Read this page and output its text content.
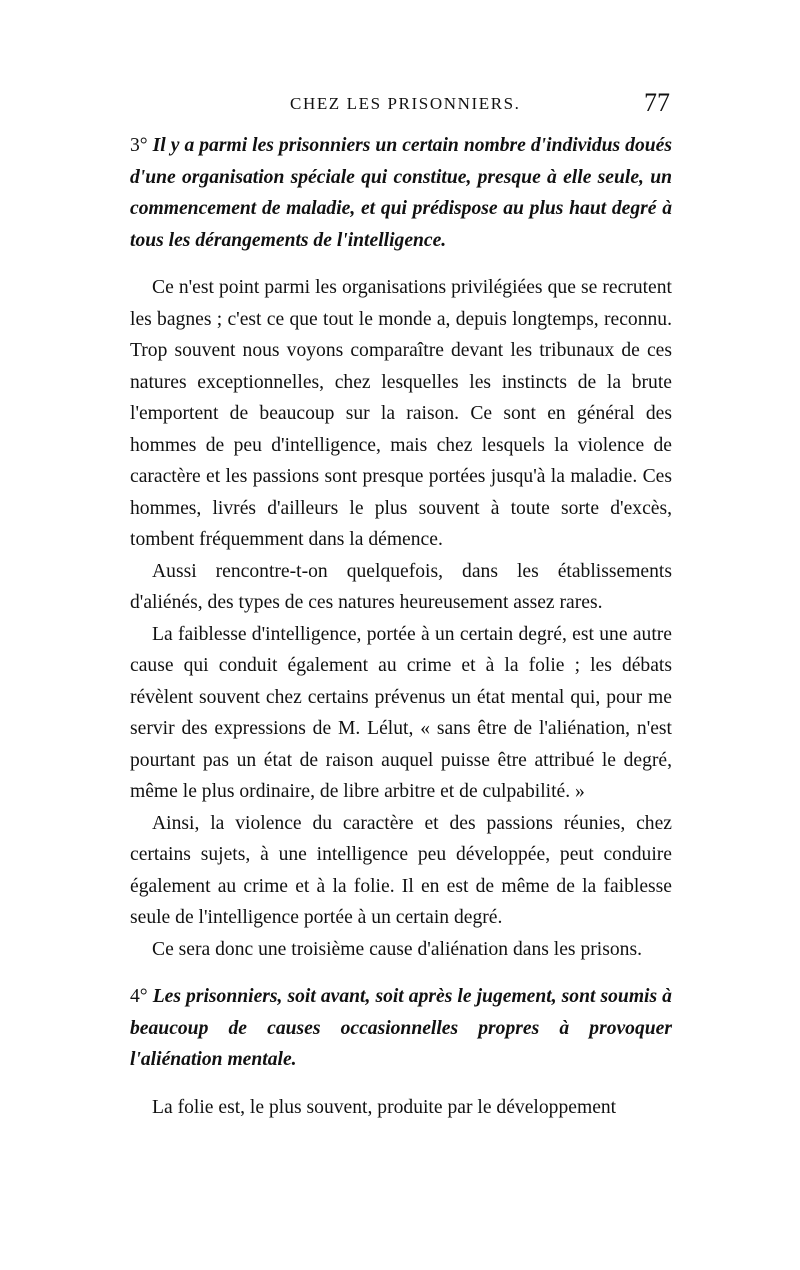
CHEZ LES PRISONNIERS.	77

3° Il y a parmi les prisonniers un certain nombre d'individus doués d'une organisation spéciale qui constitue, presque à elle seule, un commencement de maladie, et qui prédispose au plus haut degré à tous les dérangements de l'intelligence.

Ce n'est point parmi les organisations privilégiées que se recrutent les bagnes ; c'est ce que tout le monde a, depuis longtemps, reconnu. Trop souvent nous voyons comparaître devant les tribunaux de ces natures exceptionnelles, chez lesquelles les instincts de la brute l'emportent de beaucoup sur la raison. Ce sont en général des hommes de peu d'intelligence, mais chez lesquels la violence de caractère et les passions sont presque portées jusqu'à la maladie. Ces hommes, livrés d'ailleurs le plus souvent à toute sorte d'excès, tombent fréquemment dans la démence.

Aussi rencontre-t-on quelquefois, dans les établissements d'aliénés, des types de ces natures heureusement assez rares.

La faiblesse d'intelligence, portée à un certain degré, est une autre cause qui conduit également au crime et à la folie ; les débats révèlent souvent chez certains prévenus un état mental qui, pour me servir des expressions de M. Lélut, « sans être de l'aliénation, n'est pourtant pas un état de raison auquel puisse être attribué le degré, même le plus ordinaire, de libre arbitre et de culpabilité. »

Ainsi, la violence du caractère et des passions réunies, chez certains sujets, à une intelligence peu développée, peut conduire également au crime et à la folie. Il en est de même de la faiblesse seule de l'intelligence portée à un certain degré.

Ce sera donc une troisième cause d'aliénation dans les prisons.

4° Les prisonniers, soit avant, soit après le jugement, sont soumis à beaucoup de causes occasionnelles propres à provoquer l'aliénation mentale.

La folie est, le plus souvent, produite par le développement
